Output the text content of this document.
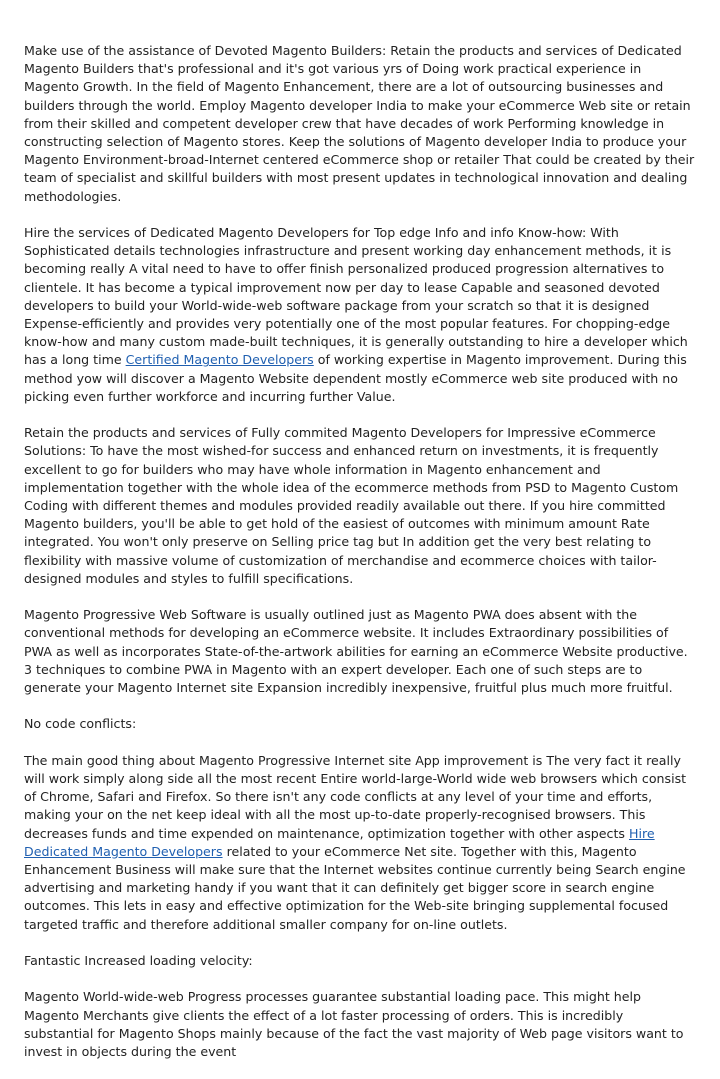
Make use of the assistance of Devoted Magento Builders: Retain the products and services of Dedicated Magento Builders that's professional and it's got various yrs of Doing work practical experience in Magento Growth. In the field of Magento Enhancement, there are a lot of outsourcing businesses and builders through the world. Employ Magento developer India to make your eCommerce Web site or retain from their skilled and competent developer crew that have decades of work Performing knowledge in constructing selection of Magento stores. Keep the solutions of Magento developer India to produce your Magento Environment-broad-Internet centered eCommerce shop or retailer That could be created by their team of specialist and skillful builders with most present updates in technological innovation and dealing methodologies.

Hire the services of Dedicated Magento Developers for Top edge Info and info Know-how: With Sophisticated details technologies infrastructure and present working day enhancement methods, it is becoming really A vital need to have to offer finish personalized produced progression alternatives to clientele. It has become a typical improvement now per day to lease Capable and seasoned devoted developers to build your World-wide-web software package from your scratch so that it is designed Expense-efficiently and provides very potentially one of the most popular features. For chopping-edge know-how and many custom made-built techniques, it is generally outstanding to hire a developer which has a long time Certified Magento Developers of working expertise in Magento improvement. During this method yow will discover a Magento Website dependent mostly eCommerce web site produced with no picking even further workforce and incurring further Value.

Retain the products and services of Fully commited Magento Developers for Impressive eCommerce Solutions: To have the most wished-for success and enhanced return on investments, it is frequently excellent to go for builders who may have whole information in Magento enhancement and implementation together with the whole idea of the ecommerce methods from PSD to Magento Custom Coding with different themes and modules provided readily available out there. If you hire committed Magento builders, you'll be able to get hold of the easiest of outcomes with minimum amount Rate integrated. You won't only preserve on Selling price tag but In addition get the very best relating to flexibility with massive volume of customization of merchandise and ecommerce choices with tailor-designed modules and styles to fulfill specifications.

Magento Progressive Web Software is usually outlined just as Magento PWA does absent with the conventional methods for developing an eCommerce website. It includes Extraordinary possibilities of PWA as well as incorporates State-of-the-artwork abilities for earning an eCommerce Website productive. 3 techniques to combine PWA in Magento with an expert developer. Each one of such steps are to generate your Magento Internet site Expansion incredibly inexpensive, fruitful plus much more fruitful.

No code conflicts:

The main good thing about Magento Progressive Internet site App improvement is The very fact it really will work simply along side all the most recent Entire world-large-World wide web browsers which consist of Chrome, Safari and Firefox. So there isn't any code conflicts at any level of your time and efforts, making your on the net keep ideal with all the most up-to-date properly-recognised browsers. This decreases funds and time expended on maintenance, optimization together with other aspects Hire Dedicated Magento Developers related to your eCommerce Net site. Together with this, Magento Enhancement Business will make sure that the Internet websites continue currently being Search engine advertising and marketing handy if you want that it can definitely get bigger score in search engine outcomes. This lets in easy and effective optimization for the Web-site bringing supplemental focused targeted traffic and therefore additional smaller company for on-line outlets.

Fantastic Increased loading velocity:

Magento World-wide-web Progress processes guarantee substantial loading pace. This might help Magento Merchants give clients the effect of a lot faster processing of orders. This is incredibly substantial for Magento Shops mainly because of the fact the vast majority of Web page visitors want to invest in objects during the event
